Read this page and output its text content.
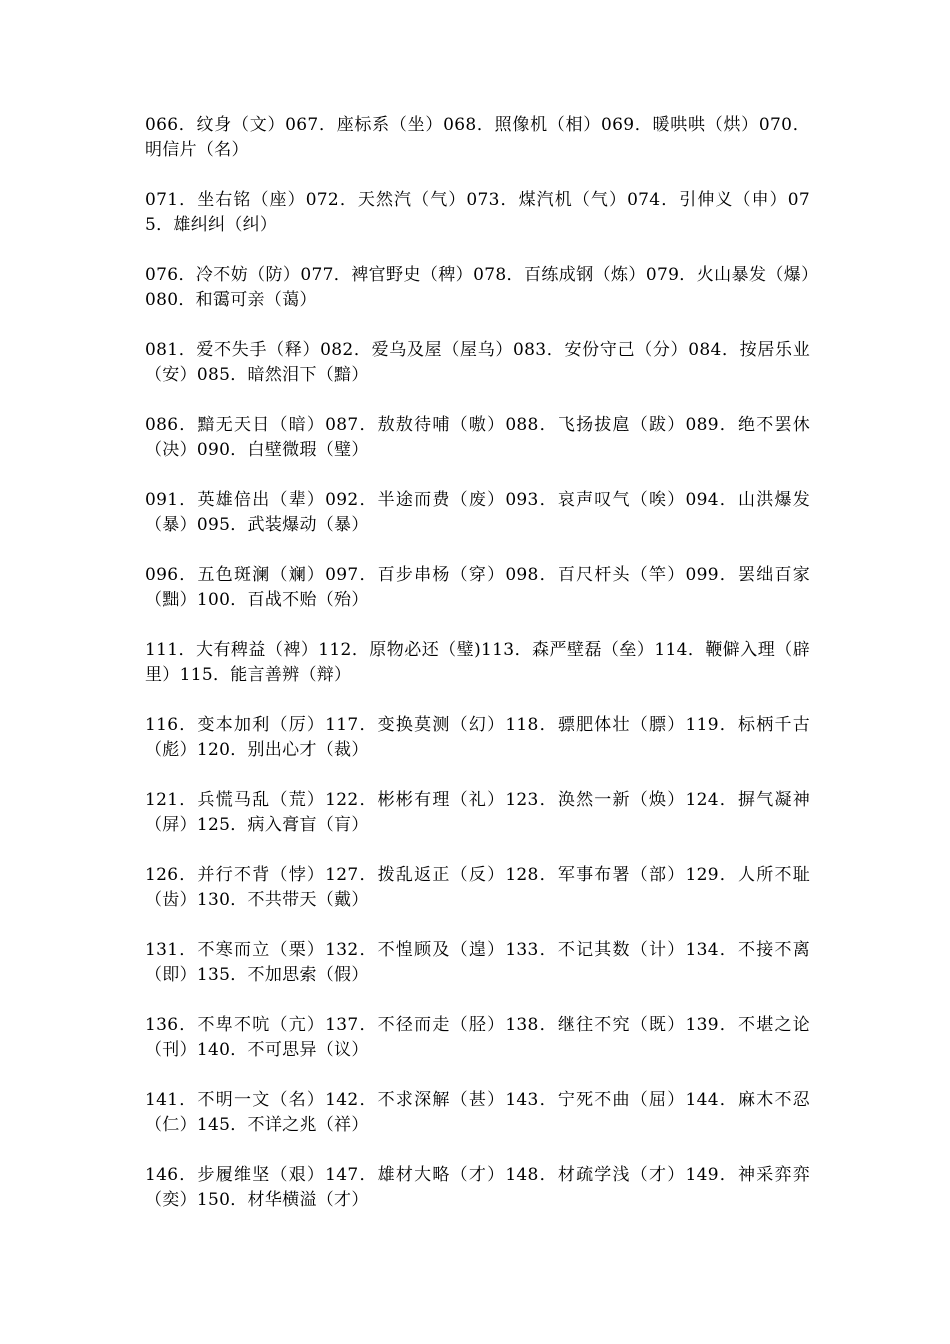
066．纹身（文）067．座标系（坐）068．照像机（相）069．暖哄哄（烘）070．明信片（名）

071．坐右铭（座）072．天然汽（气）073．煤汽机（气）074．引伸义（申）075．雄纠纠（纠）

076．冷不妨（防）077．裨官野史（稗）078．百练成钢（炼）079．火山暴发（爆）080．和霭可亲（蔼）

081．爱不失手（释）082．爱乌及屋（屋乌）083．安份守己（分）084．按居乐业（安）085．暗然泪下（黯）

086．黯无天日（暗）087．敖敖待哺（嗷）088．飞扬拔扈（跋）089．绝不罢休（决）090．白壁微瑕（璧）

091．英雄倍出（辈）092．半途而费（废）093．哀声叹气（唉）094．山洪爆发（暴）095．武装爆动（暴）

096．五色斑澜（斓）097．百步串杨（穿）098．百尺杆头（竿）099．罢绌百家（黜）100．百战不贻（殆）

111．大有稗益（裨）112．原物必还（璧)113．森严壁磊（垒）114．鞭僻入理（辟里）115．能言善辨（辩）

116．变本加利（厉）117．变换莫测（幻）118．骠肥体壮（膘）119．标柄千古（彪）120．别出心才（裁）

121．兵慌马乱（荒）122．彬彬有理（礼）123．涣然一新（焕）124．摒气凝神（屏）125．病入膏盲（肓）

126．并行不背（悖）127．拨乱返正（反）128．军事布署（部）129．人所不耻（齿）130．不共带天（戴）

131．不寒而立（栗）132．不惶顾及（遑）133．不记其数（计）134．不接不离（即）135．不加思索（假）

136．不卑不吭（亢）137．不径而走（胫）138．继往不究（既）139．不堪之论（刊）140．不可思异（议）

141．不明一文（名）142．不求深解（甚）143．宁死不曲（屈）144．麻木不忍（仁）145．不详之兆（祥）

146．步履维坚（艰）147．雄材大略（才）148．材疏学浅（才）149．神采弈弈（奕）150．材华横溢（才）
